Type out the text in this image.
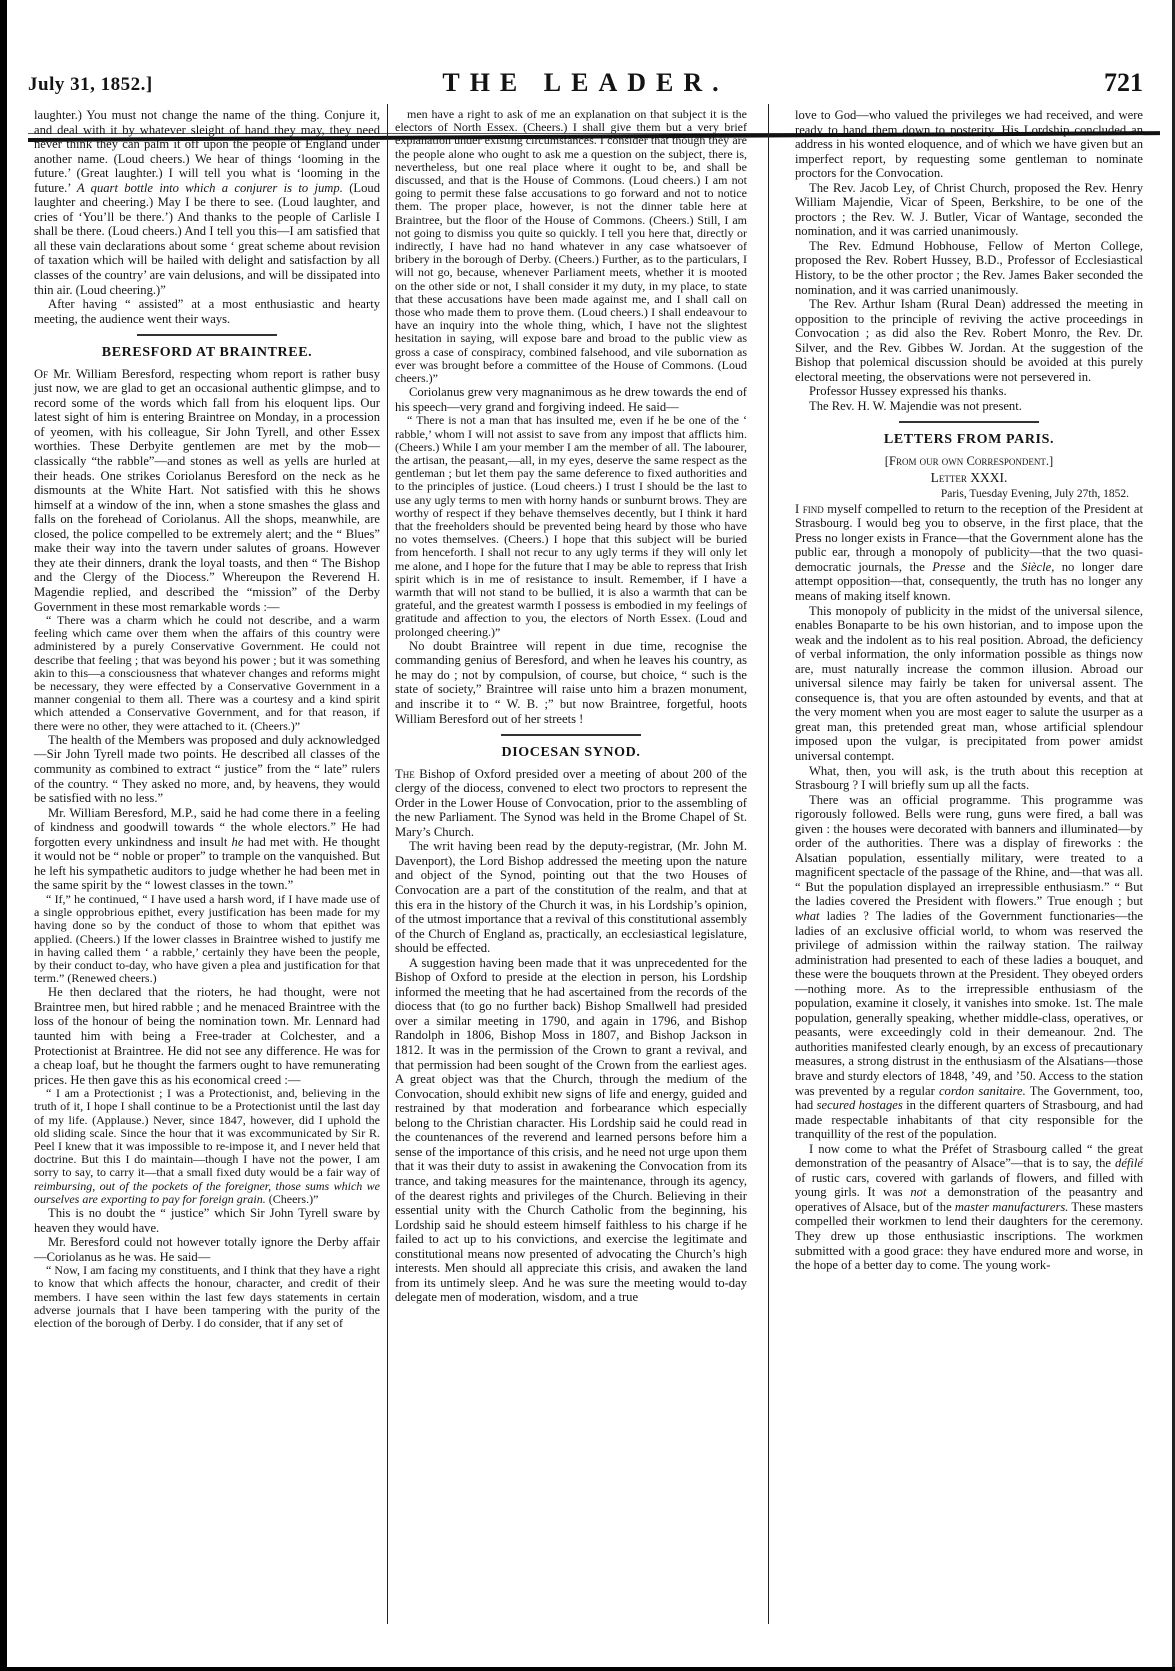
July 31, 1852.]	THE LEADER.	721

laughter.) You must not change the name of the thing. Conjure it, and deal with it by whatever sleight of hand they may, they need never think they can palm it off upon the people of England under another name. (Loud cheers.) We hear of things ‘looming in the future.’ (Great laughter.) I will tell you what is ‘looming in the future.’ A quart bottle into which a conjurer is to jump. (Loud laughter and cheering.) May I be there to see. (Loud laughter, and cries of ‘You’ll be there.’) And thanks to the people of Carlisle I shall be there. (Loud cheers.) And I tell you this—I am satisfied that all these vain declarations about some ‘ great scheme about revision of taxation which will be hailed with delight and satisfaction by all classes of the country’ are vain delusions, and will be dissipated into thin air. (Loud cheering.)”

After having “ assisted” at a most enthusiastic and hearty meeting, the audience went their ways.

BERESFORD AT BRAINTREE.

Of Mr. William Beresford, respecting whom report is rather busy just now, we are glad to get an occasional authentic glimpse, and to record some of the words which fall from his eloquent lips. Our latest sight of him is entering Braintree on Monday, in a procession of yeomen, with his colleague, Sir John Tyrell, and other Essex worthies. These Derbyite gentlemen are met by the mob—classically “the rabble”—and stones as well as yells are hurled at their heads. One strikes Coriolanus Beresford on the neck as he dismounts at the White Hart. Not satisfied with this he shows himself at a window of the inn, when a stone smashes the glass and falls on the forehead of Coriolanus. All the shops, meanwhile, are closed, the police compelled to be extremely alert; and the “ Blues” make their way into the tavern under salutes of groans. However they ate their dinners, drank the loyal toasts, and then “ The Bishop and the Clergy of the Diocess.” Whereupon the Reverend H. Magendie replied, and described the “mission” of the Derby Government in these most remarkable words :—

“ There was a charm which he could not describe, and a warm feeling which came over them when the affairs of this country were administered by a purely Conservative Government. He could not describe that feeling ; that was beyond his power ; but it was something akin to this—a consciousness that whatever changes and reforms might be necessary, they were effected by a Conservative Government in a manner congenial to them all. There was a courtesy and a kind spirit which attended a Conservative Government, and for that reason, if there were no other, they were attached to it. (Cheers.)”

The health of the Members was proposed and duly acknowledged—Sir John Tyrell made two points. He described all classes of the community as combined to extract “ justice” from the “ late” rulers of the country. “ They asked no more, and, by heavens, they would be satisfied with no less.”

Mr. William Beresford, M.P., said he had come there in a feeling of kindness and goodwill towards “ the whole electors.” He had forgotten every unkindness and insult he had met with. He thought it would not be “ noble or proper” to trample on the vanquished. But he left his sympathetic auditors to judge whether he had been met in the same spirit by the “ lowest classes in the town.”

“ If,” he continued, “ I have used a harsh word, if I have made use of a single opprobrious epithet, every justification has been made for my having done so by the conduct of those to whom that epithet was applied. (Cheers.) If the lower classes in Braintree wished to justify me in having called them ‘ a rabble,’ certainly they have been the people, by their conduct to-day, who have given a plea and justification for that term.” (Renewed cheers.)

He then declared that the rioters, he had thought, were not Braintree men, but hired rabble ; and he menaced Braintree with the loss of the honour of being the nomination town. Mr. Lennard had taunted him with being a Free-trader at Colchester, and a Protectionist at Braintree. He did not see any difference. He was for a cheap loaf, but he thought the farmers ought to have remunerating prices. He then gave this as his economical creed :—

“ I am a Protectionist ; I was a Protectionist, and, believing in the truth of it, I hope I shall continue to be a Protectionist until the last day of my life. (Applause.) Never, since 1847, however, did I uphold the old sliding scale. Since the hour that it was excommunicated by Sir R. Peel I knew that it was impossible to re-impose it, and I never held that doctrine. But this I do maintain—though I have not the power, I am sorry to say, to carry it—that a small fixed duty would be a fair way of reimbursing, out of the pockets of the foreigner, those sums which we ourselves are exporting to pay for foreign grain. (Cheers.)”

This is no doubt the “ justice” which Sir John Tyrell sware by heaven they would have.

Mr. Beresford could not however totally ignore the Derby affair—Coriolanus as he was. He said—

“ Now, I am facing my constituents, and I think that they have a right to know that which affects the honour, character, and credit of their members. I have seen within the last few days statements in certain adverse journals that I have been tampering with the purity of the election of the borough of Derby. I do consider, that if any set of

men have a right to ask of me an explanation on that subject it is the electors of North Essex. (Cheers.) I shall give them but a very brief explanation under existing circumstances. I consider that though they are the people alone who ought to ask me a question on the subject, there is, nevertheless, but one real place where it ought to be, and shall be discussed, and that is the House of Commons. (Loud cheers.) I am not going to permit these false accusations to go forward and not to notice them. The proper place, however, is not the dinner table here at Braintree, but the floor of the House of Commons. (Cheers.) Still, I am not going to dismiss you quite so quickly. I tell you here that, directly or indirectly, I have had no hand whatever in any case whatsoever of bribery in the borough of Derby. (Cheers.) Further, as to the particulars, I will not go, because, whenever Parliament meets, whether it is mooted on the other side or not, I shall consider it my duty, in my place, to state that these accusations have been made against me, and I shall call on those who made them to prove them. (Loud cheers.) I shall endeavour to have an inquiry into the whole thing, which, I have not the slightest hesitation in saying, will expose bare and broad to the public view as gross a case of conspiracy, combined falsehood, and vile subornation as ever was brought before a committee of the House of Commons. (Loud cheers.)”

Coriolanus grew very magnanimous as he drew towards the end of his speech—very grand and forgiving indeed. He said—

“ There is not a man that has insulted me, even if he be one of the ‘ rabble,’ whom I will not assist to save from any impost that afflicts him. (Cheers.) While I am your member I am the member of all. The labourer, the artisan, the peasant,—all, in my eyes, deserve the same respect as the gentleman ; but let them pay the same deference to fixed authorities and to the principles of justice. (Loud cheers.) I trust I should be the last to use any ugly terms to men with horny hands or sunburnt brows. They are worthy of respect if they behave themselves decently, but I think it hard that the freeholders should be prevented being heard by those who have no votes themselves. (Cheers.) I hope that this subject will be buried from henceforth. I shall not recur to any ugly terms if they will only let me alone, and I hope for the future that I may be able to repress that Irish spirit which is in me of resistance to insult. Remember, if I have a warmth that will not stand to be bullied, it is also a warmth that can be grateful, and the greatest warmth I possess is embodied in my feelings of gratitude and affection to you, the electors of North Essex. (Loud and prolonged cheering.)”

No doubt Braintree will repent in due time, recognise the commanding genius of Beresford, and when he leaves his country, as he may do ; not by compulsion, of course, but choice, “ such is the state of society,” Braintree will raise unto him a brazen monument, and inscribe it to “ W. B. ;” but now Braintree, forgetful, hoots William Beresford out of her streets !

DIOCESAN SYNOD.

The Bishop of Oxford presided over a meeting of about 200 of the clergy of the diocess, convened to elect two proctors to represent the Order in the Lower House of Convocation, prior to the assembling of the new Parliament. The Synod was held in the Brome Chapel of St. Mary’s Church.

The writ having been read by the deputy-registrar, (Mr. John M. Davenport), the Lord Bishop addressed the meeting upon the nature and object of the Synod, pointing out that the two Houses of Convocation are a part of the constitution of the realm, and that at this era in the history of the Church it was, in his Lordship’s opinion, of the utmost importance that a revival of this constitutional assembly of the Church of England as, practically, an ecclesiastical legislature, should be effected.

A suggestion having been made that it was unprecedented for the Bishop of Oxford to preside at the election in person, his Lordship informed the meeting that he had ascertained from the records of the diocess that (to go no further back) Bishop Smallwell had presided over a similar meeting in 1790, and again in 1796, and Bishop Randolph in 1806, Bishop Moss in 1807, and Bishop Jackson in 1812. It was in the permission of the Crown to grant a revival, and that permission had been sought of the Crown from the earliest ages. A great object was that the Church, through the medium of the Convocation, should exhibit new signs of life and energy, guided and restrained by that moderation and forbearance which especially belong to the Christian character. His Lordship said he could read in the countenances of the reverend and learned persons before him a sense of the importance of this crisis, and he need not urge upon them that it was their duty to assist in awakening the Convocation from its trance, and taking measures for the maintenance, through its agency, of the dearest rights and privileges of the Church. Believing in their essential unity with the Church Catholic from the beginning, his Lordship said he should esteem himself faithless to his charge if he failed to act up to his convictions, and exercise the legitimate and constitutional means now presented of advocating the Church’s high interests. Men should all appreciate this crisis, and awaken the land from its untimely sleep. And he was sure the meeting would to-day delegate men of moderation, wisdom, and a true

love to God—who valued the privileges we had received, and were ready to hand them down to posterity. His Lordship concluded an address in his wonted eloquence, and of which we have given but an imperfect report, by requesting some gentleman to nominate proctors for the Convocation.

The Rev. Jacob Ley, of Christ Church, proposed the Rev. Henry William Majendie, Vicar of Speen, Berkshire, to be one of the proctors ; the Rev. W. J. Butler, Vicar of Wantage, seconded the nomination, and it was carried unanimously.

The Rev. Edmund Hobhouse, Fellow of Merton College, proposed the Rev. Robert Hussey, B.D., Professor of Ecclesiastical History, to be the other proctor ; the Rev. James Baker seconded the nomination, and it was carried unanimously.

The Rev. Arthur Isham (Rural Dean) addressed the meeting in opposition to the principle of reviving the active proceedings in Convocation ; as did also the Rev. Robert Monro, the Rev. Dr. Silver, and the Rev. Gibbes W. Jordan. At the suggestion of the Bishop that polemical discussion should be avoided at this purely electoral meeting, the observations were not persevered in.

Professor Hussey expressed his thanks.

The Rev. H. W. Majendie was not present.

LETTERS FROM PARIS.

[From our own Correspondent.]

Letter XXXI.

Paris, Tuesday Evening, July 27th, 1852.

I find myself compelled to return to the reception of the President at Strasbourg. I would beg you to observe, in the first place, that the Press no longer exists in France—that the Government alone has the public ear, through a monopoly of publicity—that the two quasi-democratic journals, the Presse and the Siècle, no longer dare attempt opposition—that, consequently, the truth has no longer any means of making itself known.

This monopoly of publicity in the midst of the universal silence, enables Bonaparte to be his own historian, and to impose upon the weak and the indolent as to his real position. Abroad, the deficiency of verbal information, the only information possible as things now are, must naturally increase the common illusion. Abroad our universal silence may fairly be taken for universal assent. The consequence is, that you are often astounded by events, and that at the very moment when you are most eager to salute the usurper as a great man, this pretended great man, whose artificial splendour imposed upon the vulgar, is precipitated from power amidst universal contempt.

What, then, you will ask, is the truth about this reception at Strasbourg ? I will briefly sum up all the facts.

There was an official programme. This programme was rigorously followed. Bells were rung, guns were fired, a ball was given : the houses were decorated with banners and illuminated—by order of the authorities. There was a display of fireworks : the Alsatian population, essentially military, were treated to a magnificent spectacle of the passage of the Rhine, and—that was all. “ But the population displayed an irrepressible enthusiasm.” “ But the ladies covered the President with flowers.” True enough ; but what ladies ? The ladies of the Government functionaries—the ladies of an exclusive official world, to whom was reserved the privilege of admission within the railway station. The railway administration had presented to each of these ladies a bouquet, and these were the bouquets thrown at the President. They obeyed orders—nothing more. As to the irrepressible enthusiasm of the population, examine it closely, it vanishes into smoke. 1st. The male population, generally speaking, whether middle-class, operatives, or peasants, were exceedingly cold in their demeanour. 2nd. The authorities manifested clearly enough, by an excess of precautionary measures, a strong distrust in the enthusiasm of the Alsatians—those brave and sturdy electors of 1848, ’49, and ’50. Access to the station was prevented by a regular cordon sanitaire. The Government, too, had secured hostages in the different quarters of Strasbourg, and had made respectable inhabitants of that city responsible for the tranquillity of the rest of the population.

I now come to what the Préfet of Strasbourg called “ the great demonstration of the peasantry of Alsace”—that is to say, the défilé of rustic cars, covered with garlands of flowers, and filled with young girls. It was not a demonstration of the peasantry and operatives of Alsace, but of the master manufacturers. These masters compelled their workmen to lend their daughters for the ceremony. They drew up those enthusiastic inscriptions. The workmen submitted with a good grace: they have endured more and worse, in the hope of a better day to come. The young work-
